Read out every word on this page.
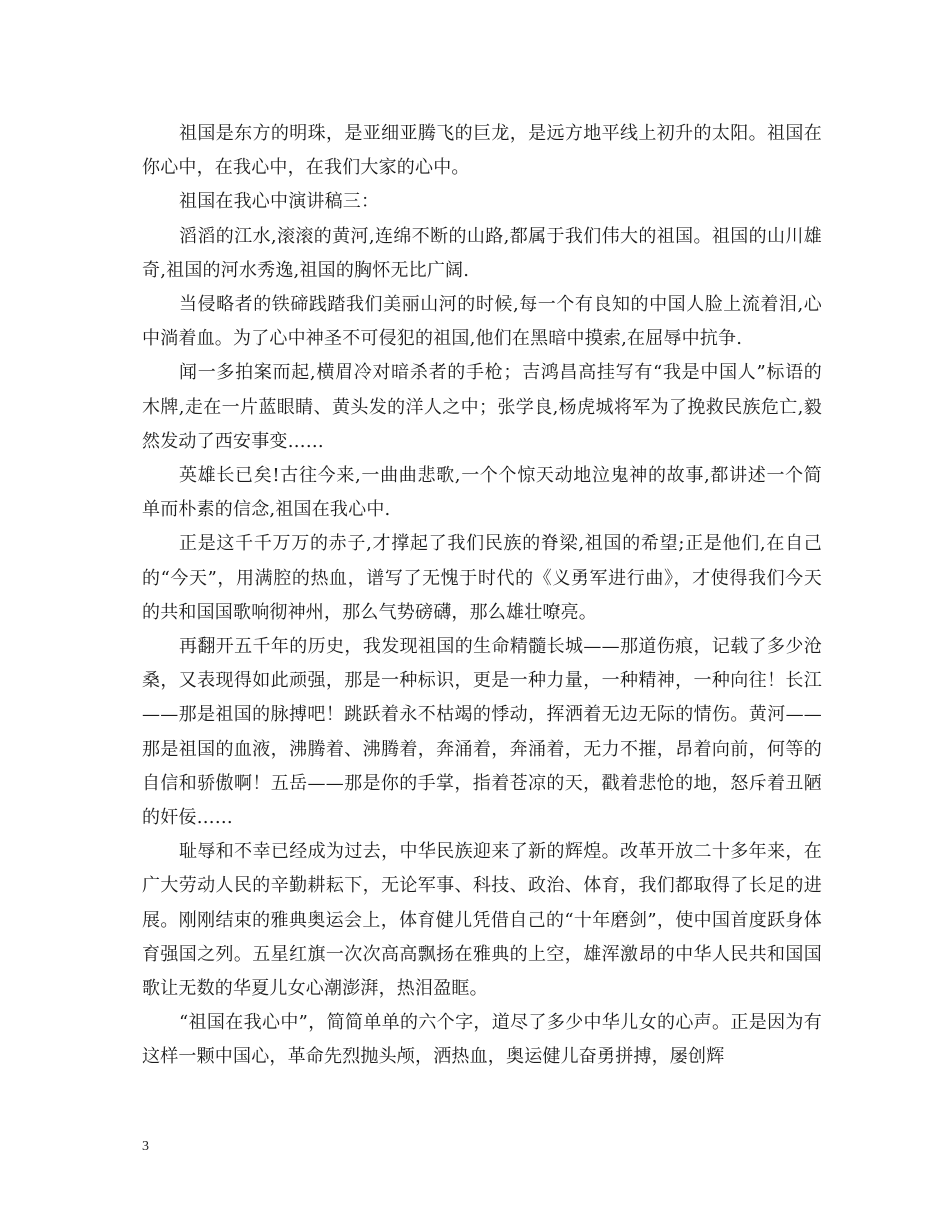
祖国是东方的明珠，是亚细亚腾飞的巨龙，是远方地平线上初升的太阳。祖国在你心中，在我心中，在我们大家的心中。

祖国在我心中演讲稿三：

滔滔的江水,滚滚的黄河,连绵不断的山路,都属于我们伟大的祖国。祖国的山川雄奇,祖国的河水秀逸,祖国的胸怀无比广阔.

当侵略者的铁碲践踏我们美丽山河的时候,每一个有良知的中国人脸上流着泪,心中淌着血。为了心中神圣不可侵犯的祖国,他们在黑暗中摸索,在屈辱中抗争.

闻一多拍案而起,横眉冷对暗杀者的手枪；吉鸿昌高挂写有“我是中国人”标语的木牌,走在一片蓝眼睛、黄头发的洋人之中；张学良,杨虎城将军为了挽救民族危亡,毅然发动了西安事变……

英雄长已矣!古往今来,一曲曲悲歌,一个个惊天动地泣鬼神的故事,都讲述一个简单而朴素的信念,祖国在我心中.

正是这千千万万的赤子,才撑起了我们民族的脊梁,祖国的希望;正是他们,在自己的“今天”，用满腔的热血，谱写了无愧于时代的《义勇军进行曲》，才使得我们今天的共和国国歌响彻神州，那么气势磅礴，那么雄壮嘹亮。

再翻开五千年的历史，我发现祖国的生命精髓长城——那道伤痕，记载了多少沧桑，又表现得如此顽强，那是一种标识，更是一种力量，一种精神，一种向往！长江——那是祖国的脉搏吧！跳跃着永不枯竭的悸动，挥洒着无边无际的情伤。黄河——那是祖国的血液，沸腾着、沸腾着，奔涌着，奔涌着，无力不摧，昂着向前，何等的自信和骄傲啊！五岳——那是你的手掌，指着苍凉的天，戳着悲怆的地，怒斥着丑陋的奸佞……

耻辱和不幸已经成为过去，中华民族迎来了新的辉煌。改革开放二十多年来，在广大劳动人民的辛勤耕耘下，无论军事、科技、政治、体育，我们都取得了长足的进展。刚刚结束的雅典奥运会上，体育健儿凭借自己的“十年磨剑”，使中国首度跃身体育强国之列。五星红旗一次次高高飘扬在雅典的上空，雄浑激昂的中华人民共和国国歌让无数的华夏儿女心潮澎湃，热泪盈眶。

“祖国在我心中”，简简单单的六个字，道尽了多少中华儿女的心声。正是因为有这样一颗中国心，革命先烈抛头颅，洒热血，奥运健儿奋勇拼搏，屡创辉

3
